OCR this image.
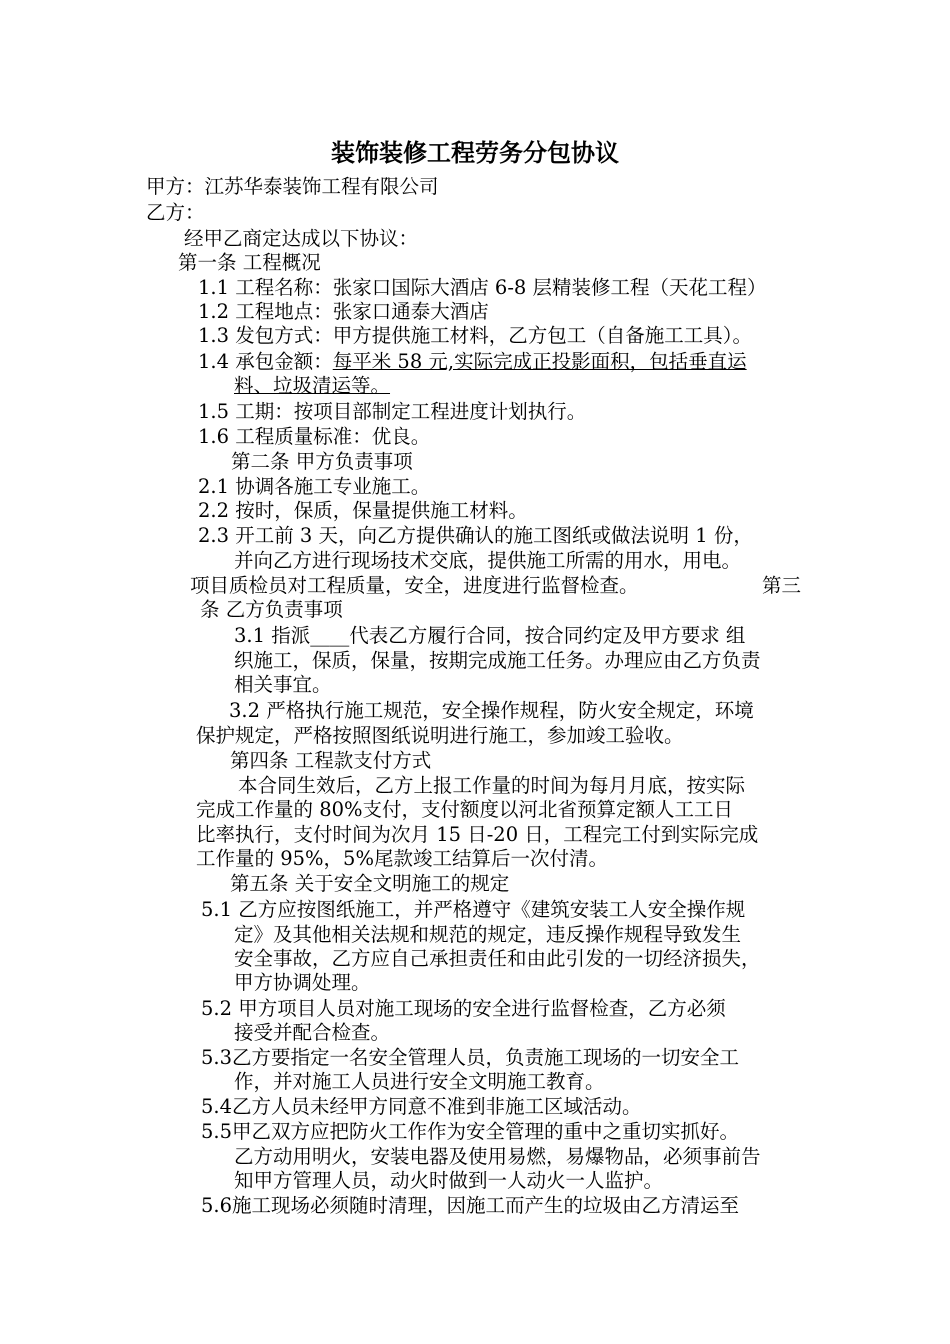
装饰装修工程劳务分包协议
甲方：江苏华泰装饰工程有限公司
乙方：
经甲乙商定达成以下协议：
第一条 工程概况
1.1 工程名称：张家口国际大酒店 6-8 层精装修工程（天花工程）
1.2 工程地点：张家口通泰大酒店
1.3 发包方式：甲方提供施工材料，乙方包工（自备施工工具）。
1.4 承包金额：每平米 58 元,实际完成正投影面积，包括垂直运
料、垃圾清运等。
1.5 工期：按项目部制定工程进度计划执行。
1.6 工程质量标准：优良。
第二条 甲方负责事项
2.1 协调各施工专业施工。
2.2 按时，保质，保量提供施工材料。
2.3 开工前 3 天，向乙方提供确认的施工图纸或做法说明 1 份，
并向乙方进行现场技术交底，提供施工所需的用水，用电。
项目质检员对工程质量，安全，进度进行监督检查。	第三
条 乙方负责事项
3.1 指派____代表乙方履行合同，按合同约定及甲方要求 组
织施工，保质，保量，按期完成施工任务。办理应由乙方负责
相关事宜。
3.2 严格执行施工规范，安全操作规程，防火安全规定，环境
保护规定，严格按照图纸说明进行施工，参加竣工验收。
第四条 工程款支付方式
本合同生效后，乙方上报工作量的时间为每月月底，按实际
完成工作量的 80%支付，支付额度以河北省预算定额人工工日
比率执行，支付时间为次月 15 日-20 日，工程完工付到实际完成
工作量的 95%，5%尾款竣工结算后一次付清。
第五条 关于安全文明施工的规定
5.1 乙方应按图纸施工，并严格遵守《建筑安装工人安全操作规
定》及其他相关法规和规范的规定，违反操作规程导致发生
安全事故，乙方应自己承担责任和由此引发的一切经济损失，
甲方协调处理。
5.2 甲方项目人员对施工现场的安全进行监督检查，乙方必须
接受并配合检查。
5.3乙方要指定一名安全管理人员，负责施工现场的一切安全工
作，并对施工人员进行安全文明施工教育。
5.4乙方人员未经甲方同意不准到非施工区域活动。
5.5甲乙双方应把防火工作作为安全管理的重中之重切实抓好。
乙方动用明火，安装电器及使用易燃，易爆物品，必须事前告
知甲方管理人员，动火时做到一人动火一人监护。
5.6施工现场必须随时清理，因施工而产生的垃圾由乙方清运至
